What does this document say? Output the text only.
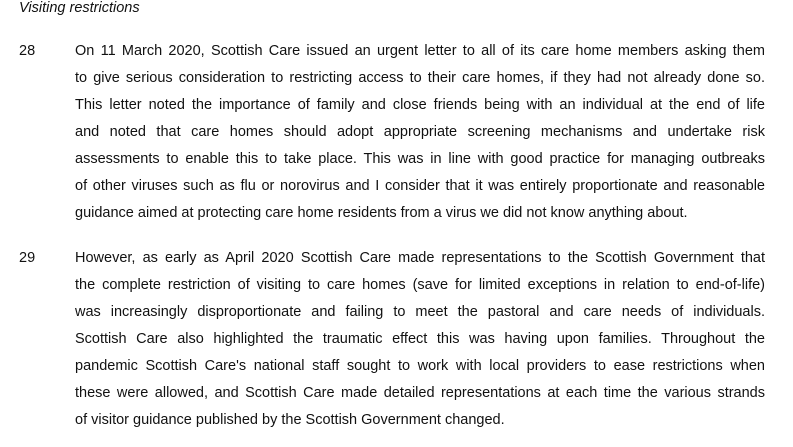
Visiting restrictions
28	On 11 March 2020, Scottish Care issued an urgent letter to all of its care home members asking them
to give serious consideration to restricting access to their care homes, if they had not already done so.
This letter noted the importance of family and close friends being with an individual at the end of life
and noted that care homes should adopt appropriate screening mechanisms and undertake risk
assessments to enable this to take place. This was in line with good practice for managing outbreaks
of other viruses such as flu or norovirus and I consider that it was entirely proportionate and reasonable
guidance aimed at protecting care home residents from a virus we did not know anything about.
29	However, as early as April 2020 Scottish Care made representations to the Scottish Government that
the complete restriction of visiting to care homes (save for limited exceptions in relation to end-of-life)
was increasingly disproportionate and failing to meet the pastoral and care needs of individuals.
Scottish Care also highlighted the traumatic effect this was having upon families. Throughout the
pandemic Scottish Care's national staff sought to work with local providers to ease restrictions when
these were allowed, and Scottish Care made detailed representations at each time the various strands
of visitor guidance published by the Scottish Government changed.
